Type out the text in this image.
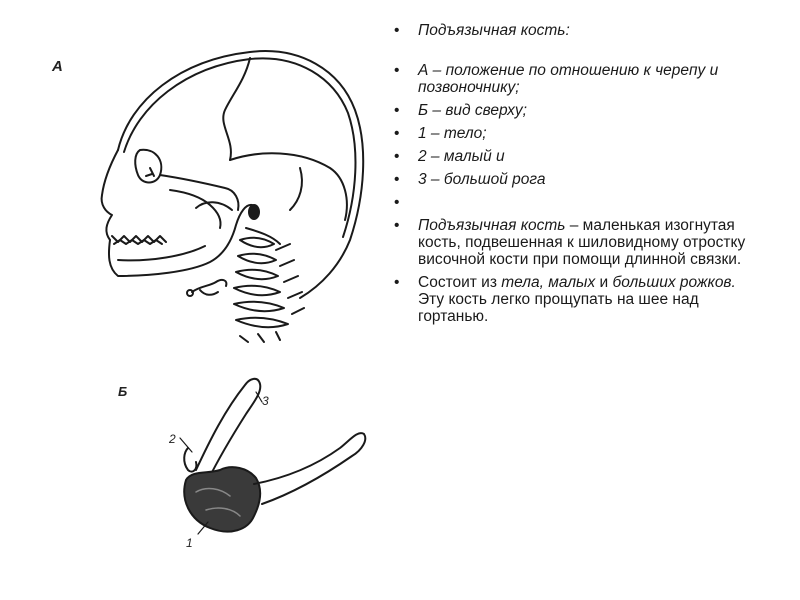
А
Б
1
2
3
• Подъязычная кость:
• А – положение по отношению к черепу и позвоночнику;
• Б – вид сверху;
• 1 – тело;
• 2 – малый и
• 3 – большой рога
•
• Подъязычная кость – маленькая изогнутая кость, подвешенная к шиловидному отростку височной кости при помощи длинной связки.
• Состоит из тела, малых и больших рожков. Эту кость легко прощупать на шее над гортанью.
